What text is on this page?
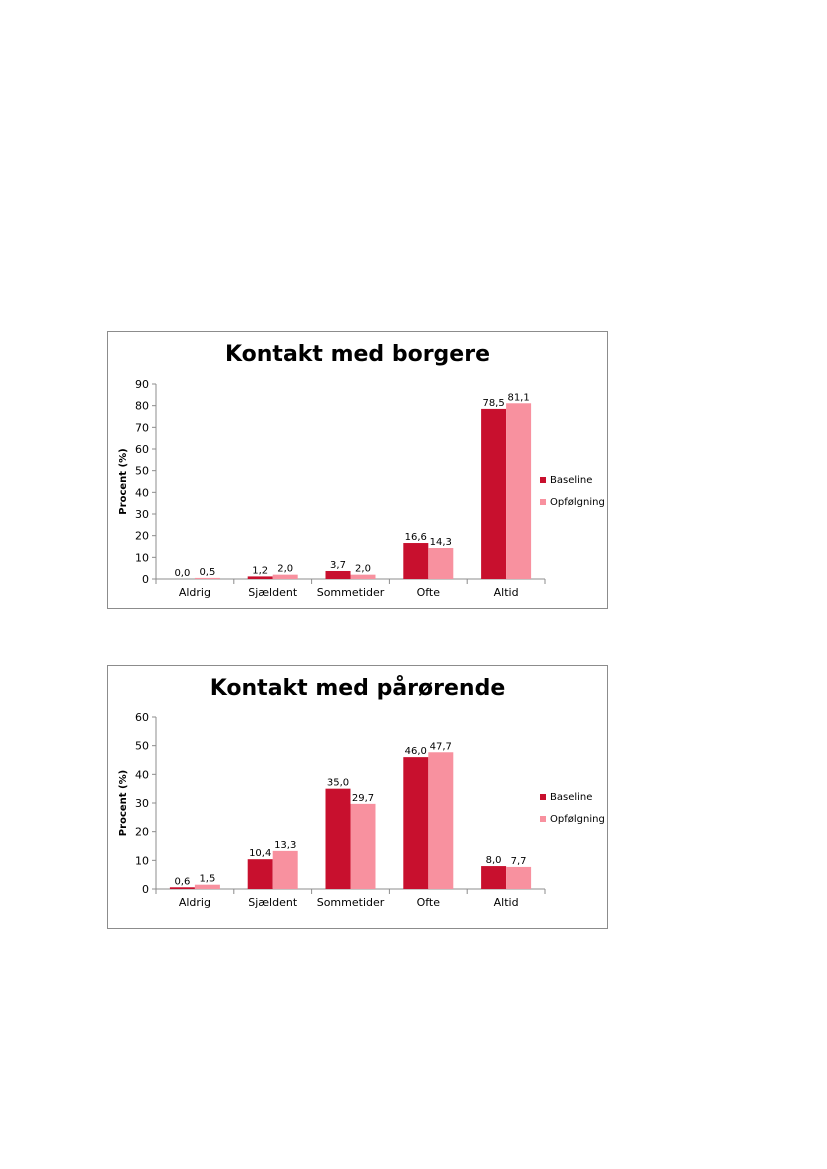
Kontakt med borgere
0
10
20
30
40
50
60
70
80
90
Procent (%)
Aldrig
0,0 0,5
Sjældent
1,2 2,0
Sommetider
3,7 2,0
Ofte
16,6 14,3
Altid
78,5
81,1
Baseline
Opfølgning
Kontakt med pårørende
0
10
20
30
40
50
60
Procent (%)
Aldrig
0,6 1,5
Sjældent
10,4
13,3
Sommetider
35,0
29,7
Ofte
46,0 47,7
Altid
8,0 7,7
Baseline
Opfølgning
